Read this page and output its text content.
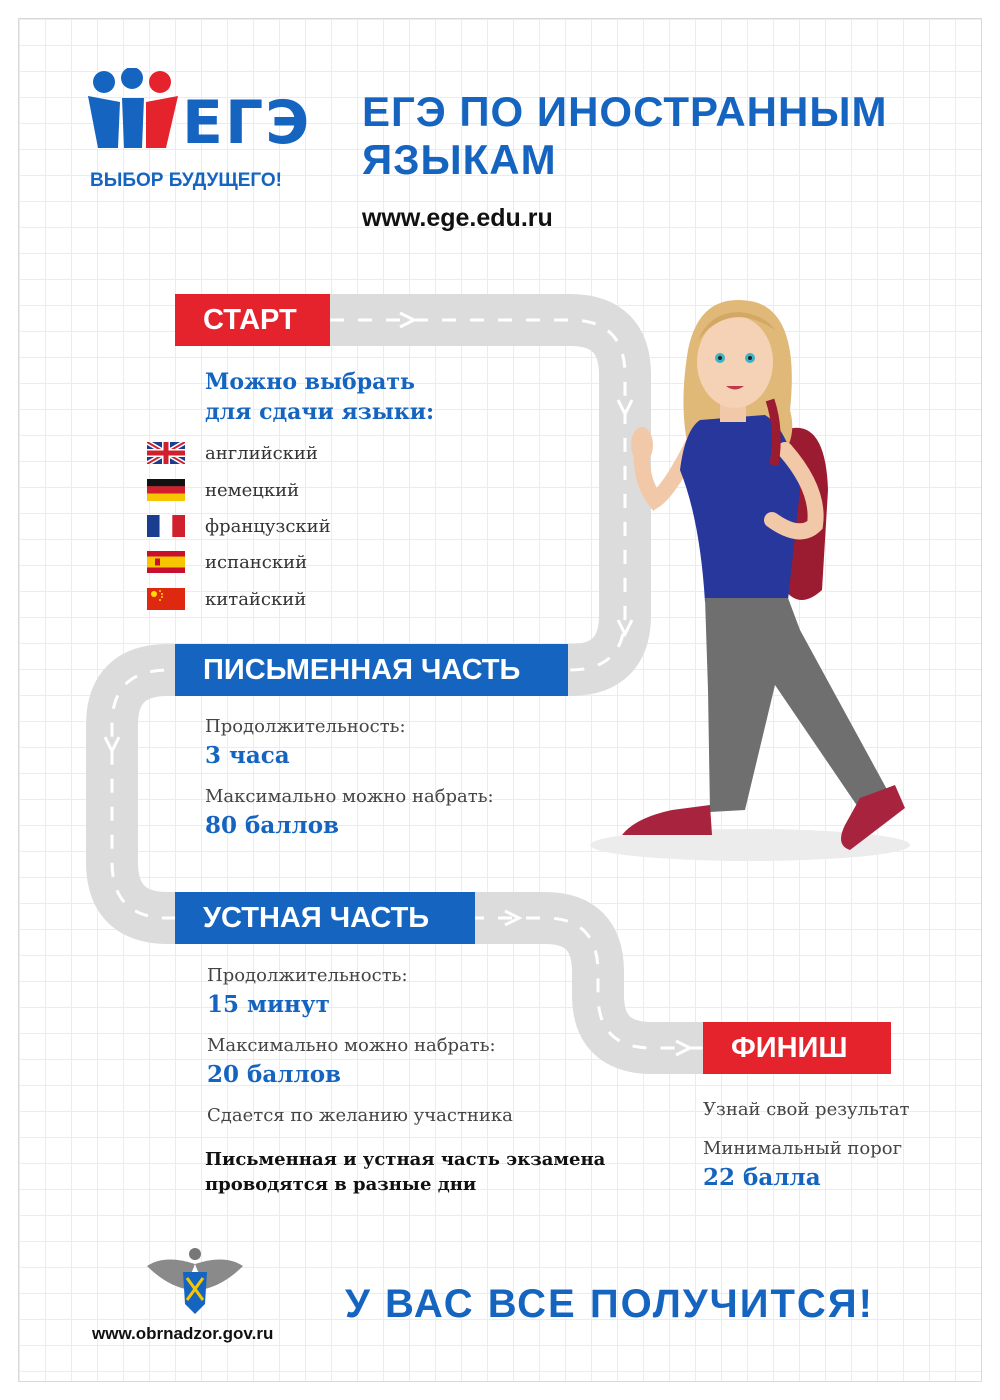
ЕГЭ
ВЫБОР БУДУЩЕГО!
ЕГЭ ПО ИНОСТРАННЫМ
ЯЗЫКАМ
www.ege.edu.ru
СТАРТ
Можно выбрать
для сдачи языки:
английский
немецкий
французский
испанский
китайский
ПИСЬМЕННАЯ ЧАСТЬ
Продолжительность:
3 часа
Максимально можно набрать:
80 баллов
УСТНАЯ ЧАСТЬ
Продолжительность:
15 минут
Максимально можно набрать:
20 баллов
Сдается по желанию участника
Письменная и устная часть экзамена
проводятся в разные дни
ФИНИШ
Узнай свой результат
Минимальный порог
22 балла
www.obrnadzor.gov.ru
У ВАС ВСЕ ПОЛУЧИТСЯ!
